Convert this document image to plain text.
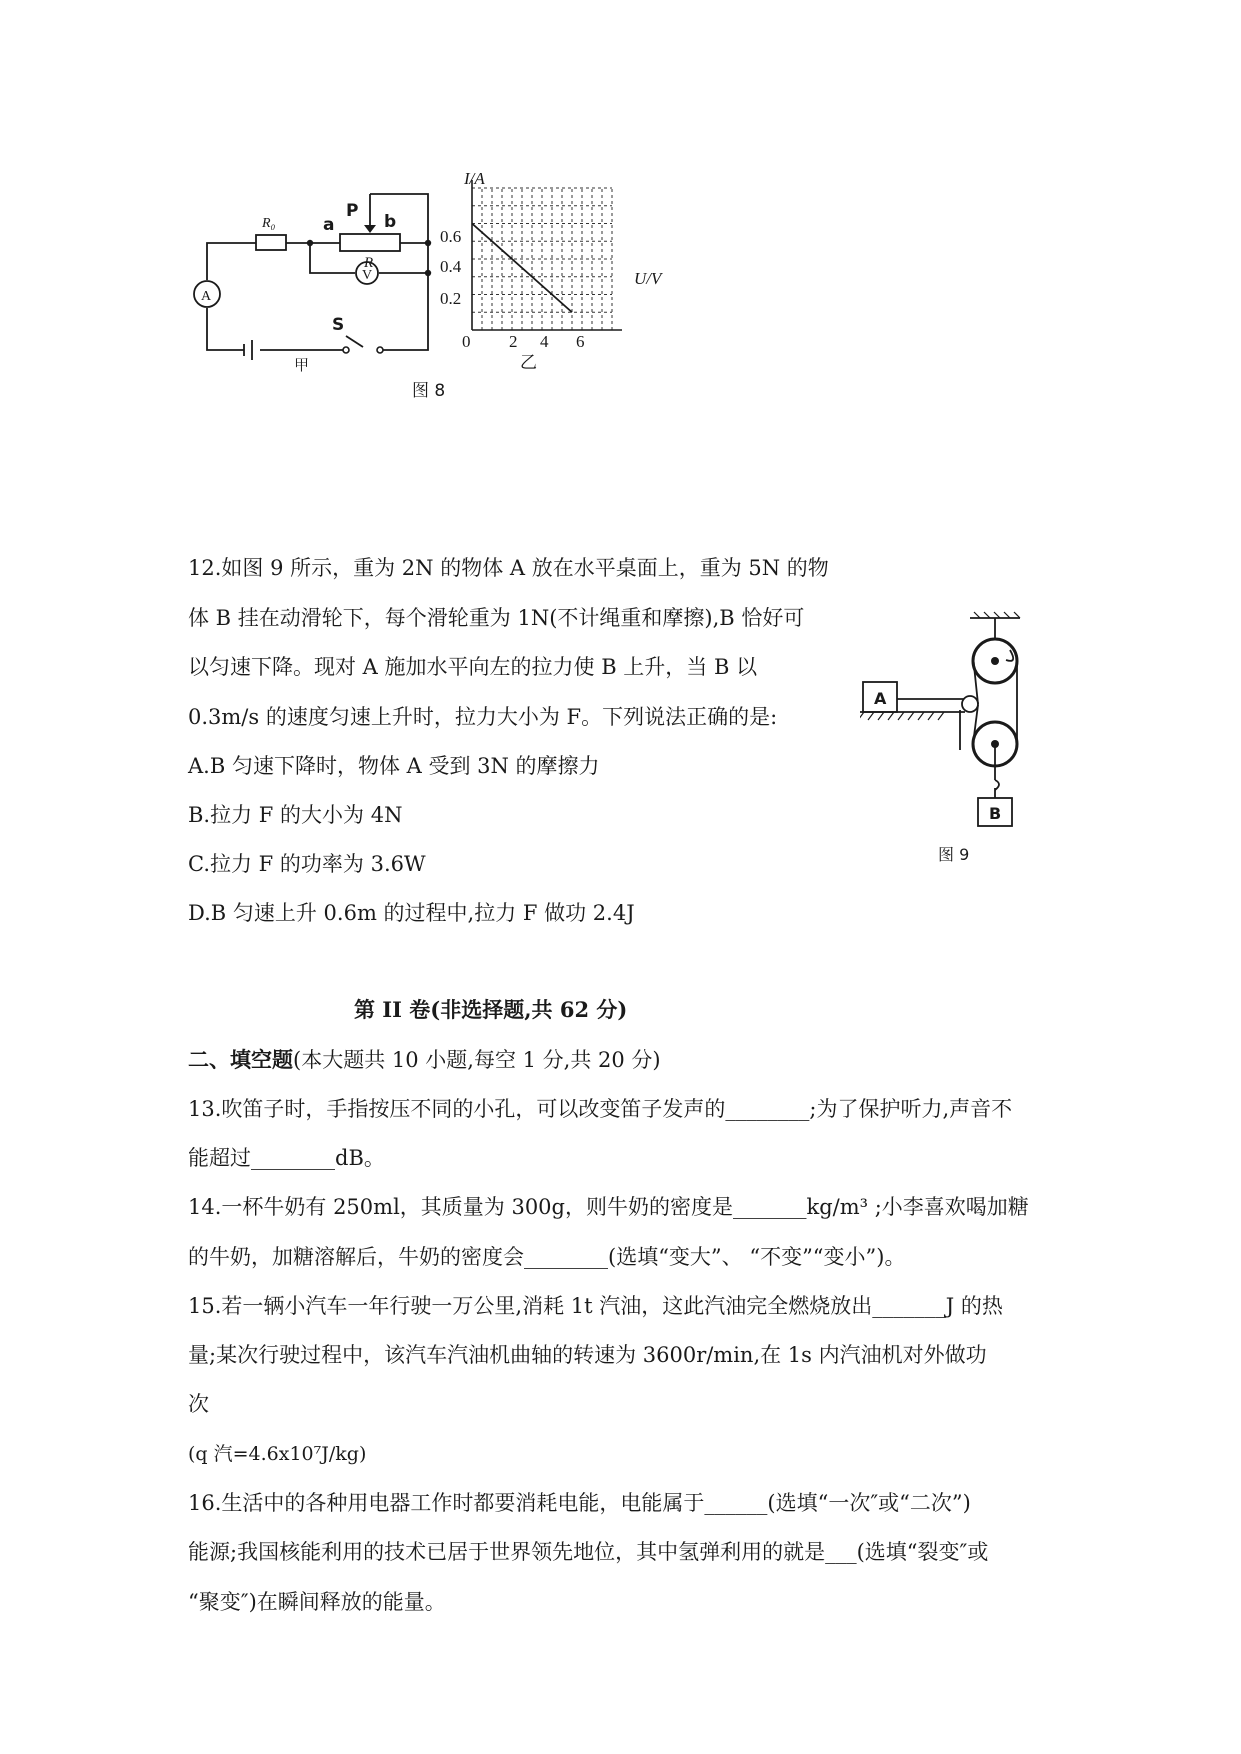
R₀	a
P
b
R
V
A
S
甲
I/A
U/V
0
0.6
0.4
0.2
2 4 6
乙
图 8
12.如图 9 所示，重为 2N 的物体 A 放在水平桌面上，重为 5N 的物
体 B 挂在动滑轮下，每个滑轮重为 1N(不计绳重和摩擦),B 恰好可
以匀速下降。现对 A 施加水平向左的拉力使 B 上升，当 B 以
0.3m/s 的速度匀速上升时，拉力大小为 F。下列说法正确的是:
A.B 匀速下降时，物体 A 受到 3N 的摩擦力
B.拉力 F 的大小为 4N
C.拉力 F 的功率为 3.6W
D.B 匀速上升 0.6m 的过程中,拉力 F 做功 2.4J
A
B
图 9
第 II 卷(非选择题,共 62 分)
二、填空题(本大题共 10 小题,每空 1 分,共 20 分)
13.吹笛子时，手指按压不同的小孔，可以改变笛子发声的________;为了保护听力,声音不
能超过________dB。
14.一杯牛奶有 250ml，其质量为 300g，则牛奶的密度是_______kg/m³ ;小李喜欢喝加糖
的牛奶，加糖溶解后，牛奶的密度会________(选填“变大”、 “不变”“变小”)。
15.若一辆小汽车一年行驶一万公里,消耗 1t 汽油，这此汽油完全燃烧放出_______J 的热
量;某次行驶过程中，该汽车汽油机曲轴的转速为 3600r/min,在 1s 内汽油机对外做功
次
(q 汽=4.6x10⁷J/kg)
16.生活中的各种用电器工作时都要消耗电能，电能属于______(选填“一次″或“二次”)
能源;我国核能利用的技术已居于世界领先地位，其中氢弹利用的就是___(选填“裂变″或
“聚变″)在瞬间释放的能量。
